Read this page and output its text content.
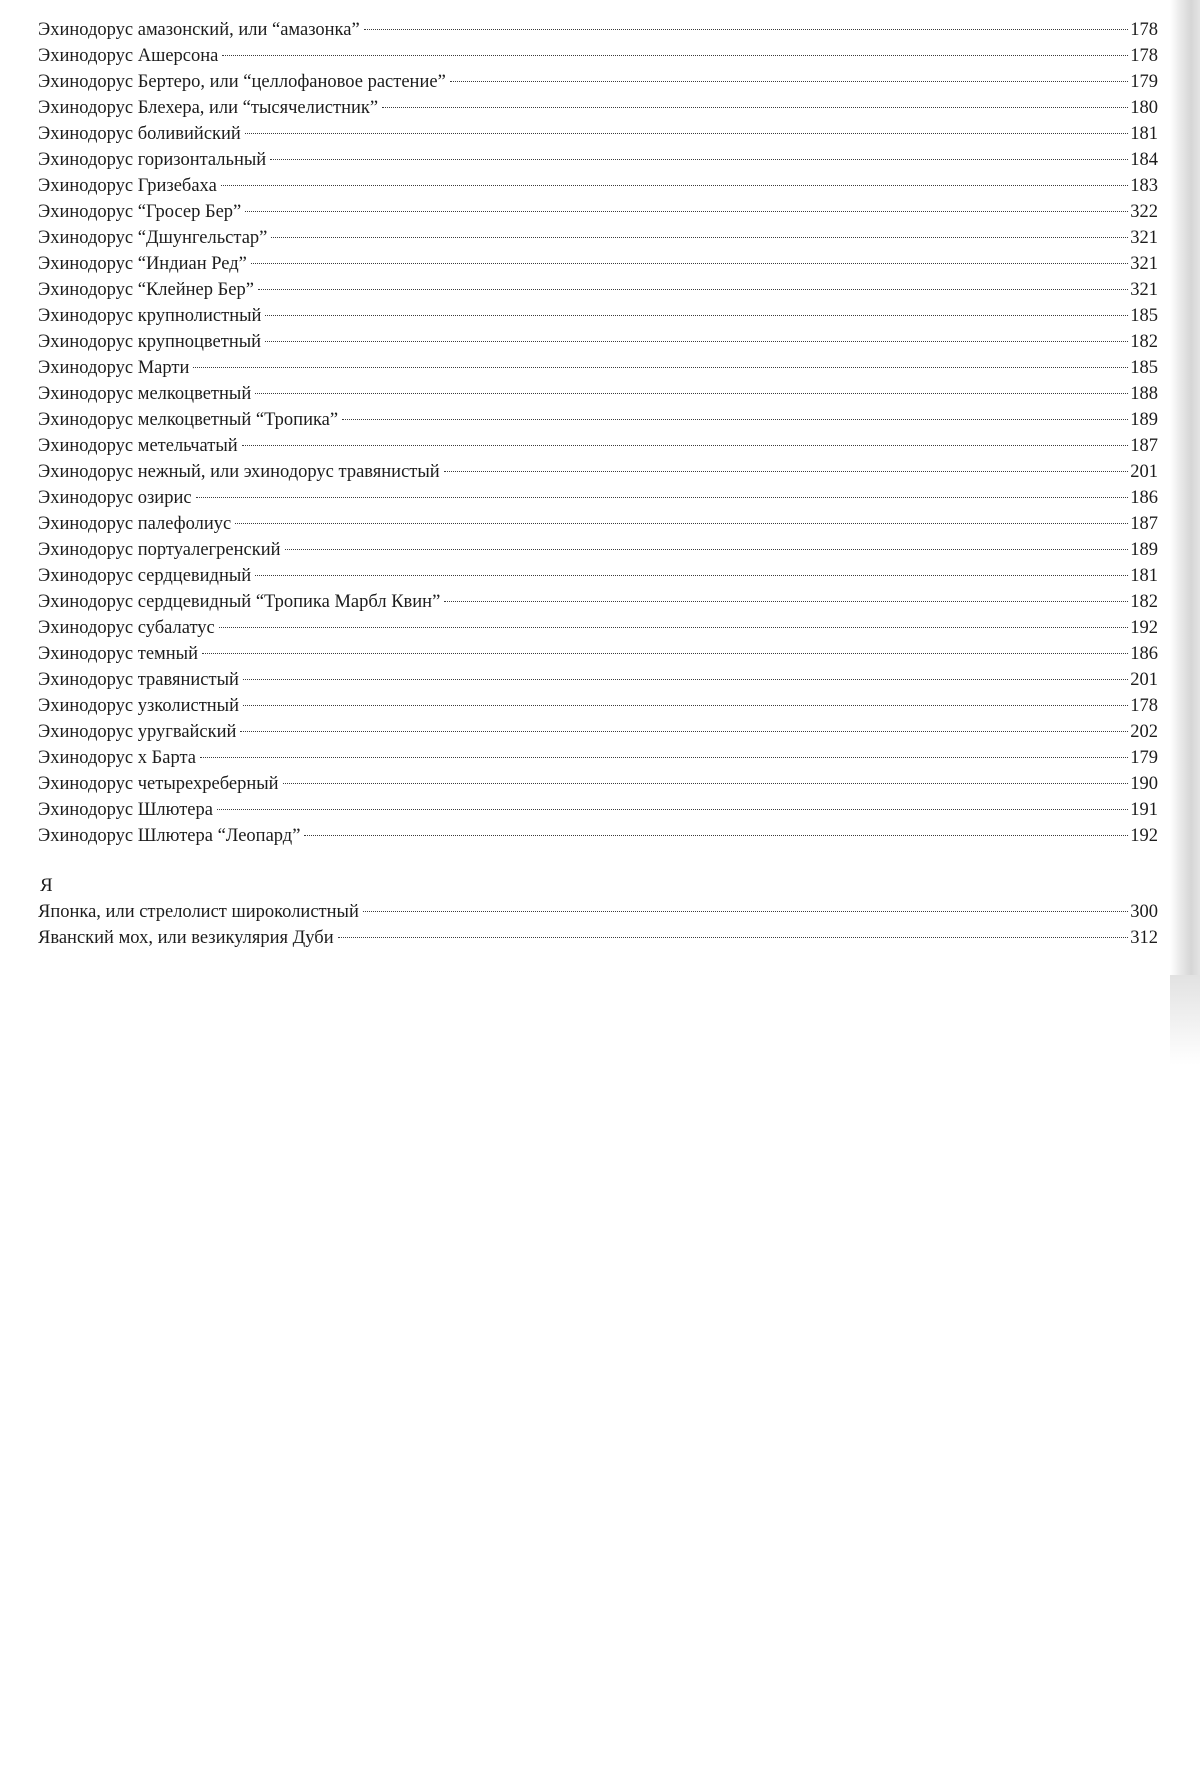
Эхинодорус амазонский, или “амазонка”	178
Эхинодорус Ашерсона	178
Эхинодорус Бертеро, или “целлофановое растение”	179
Эхинодорус Блехера, или “тысячелистник”	180
Эхинодорус боливийский	181
Эхинодорус горизонтальный	184
Эхинодорус Гризебаха	183
Эхинодорус “Гросер Бер”	322
Эхинодорус “Дшунгельстар”	321
Эхинодорус “Индиан Ред”	321
Эхинодорус “Клейнер Бер”	321
Эхинодорус крупнолистный	185
Эхинодорус крупноцветный	182
Эхинодорус Марти	185
Эхинодорус мелкоцветный	188
Эхинодорус мелкоцветный “Тропика”	189
Эхинодорус метельчатый	187
Эхинодорус нежный, или эхинодорус травянистый	201
Эхинодорус озирис	186
Эхинодорус палефолиус	187
Эхинодорус портуалегренский	189
Эхинодорус сердцевидный	181
Эхинодорус сердцевидный “Тропика Марбл Квин”	182
Эхинодорус субалатус	192
Эхинодорус темный	186
Эхинодорус травянистый	201
Эхинодорус узколистный	178
Эхинодорус уругвайский	202
Эхинодорус х Барта	179
Эхинодорус четырехреберный	190
Эхинодорус Шлютера	191
Эхинодорус Шлютера “Леопард”	192
Я
Японка, или стрелолист широколистный	300
Яванский мох, или везикулярия Дуби	312
